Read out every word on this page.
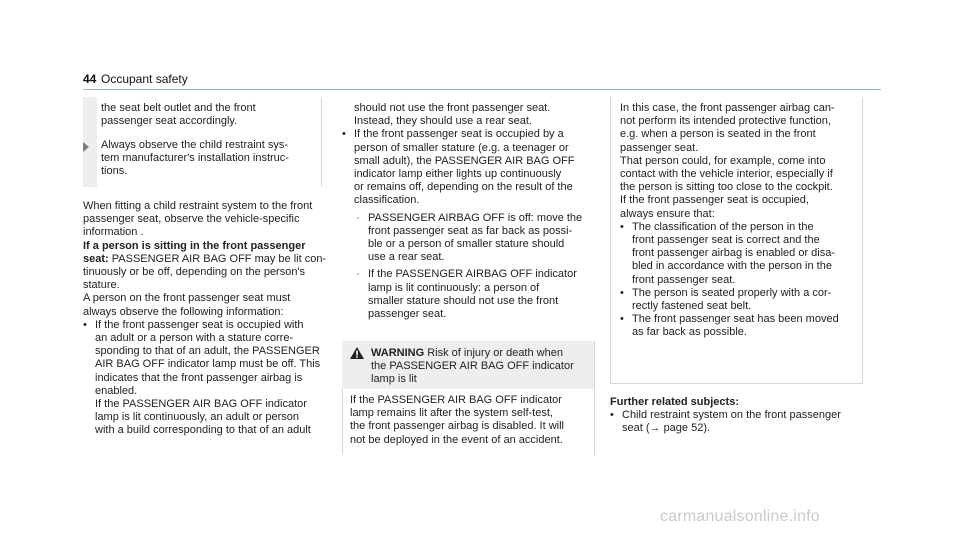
44 Occupant safety

the seat belt outlet and the front

passenger seat accordingly.

Always observe the child restraint sys-

tem manufacturer's installation instruc-

tions.

When fitting a child restraint system to the front

passenger seat, observe the vehicle-specific

information .

If a person is sitting in the front passenger

seat: PASSENGER AIR BAG OFF may be lit con-

tinuously or be off, depending on the person's

stature.

A person on the front passenger seat must

always observe the following information:

• If the front passenger seat is occupied with

an adult or a person with a stature corre-

sponding to that of an adult, the PASSENGER

AIR BAG OFF indicator lamp must be off. This

indicates that the front passenger airbag is

enabled.

If the PASSENGER AIR BAG OFF indicator

lamp is lit continuously, an adult or person

with a build corresponding to that of an adult

should not use the front passenger seat.

Instead, they should use a rear seat.

• If the front passenger seat is occupied by a

person of smaller stature (e.g. a teenager or

small adult), the PASSENGER AIR BAG OFF

indicator lamp either lights up continuously

or remains off, depending on the result of the

classification.

- PASSENGER AIRBAG OFF is off: move the

front passenger seat as far back as possi-

ble or a person of smaller stature should

use a rear seat.

- If the PASSENGER AIRBAG OFF indicator

lamp is lit continuously: a person of

smaller stature should not use the front

passenger seat.

WARNING Risk of injury or death when

the PASSENGER AIR BAG OFF indicator

lamp is lit

If the PASSENGER AIR BAG OFF indicator

lamp remains lit after the system self-test,

the front passenger airbag is disabled. It will

not be deployed in the event of an accident.

In this case, the front passenger airbag can-

not perform its intended protective function,

e.g. when a person is seated in the front

passenger seat.

That person could, for example, come into

contact with the vehicle interior, especially if

the person is sitting too close to the cockpit.

If the front passenger seat is occupied,

always ensure that:

• The classification of the person in the

front passenger seat is correct and the

front passenger airbag is enabled or disa-

bled in accordance with the person in the

front passenger seat.

• The person is seated properly with a cor-

rectly fastened seat belt.

• The front passenger seat has been moved

as far back as possible.

Further related subjects:

• Child restraint system on the front passenger

seat (→ page 52).

carmanualsonline.info
